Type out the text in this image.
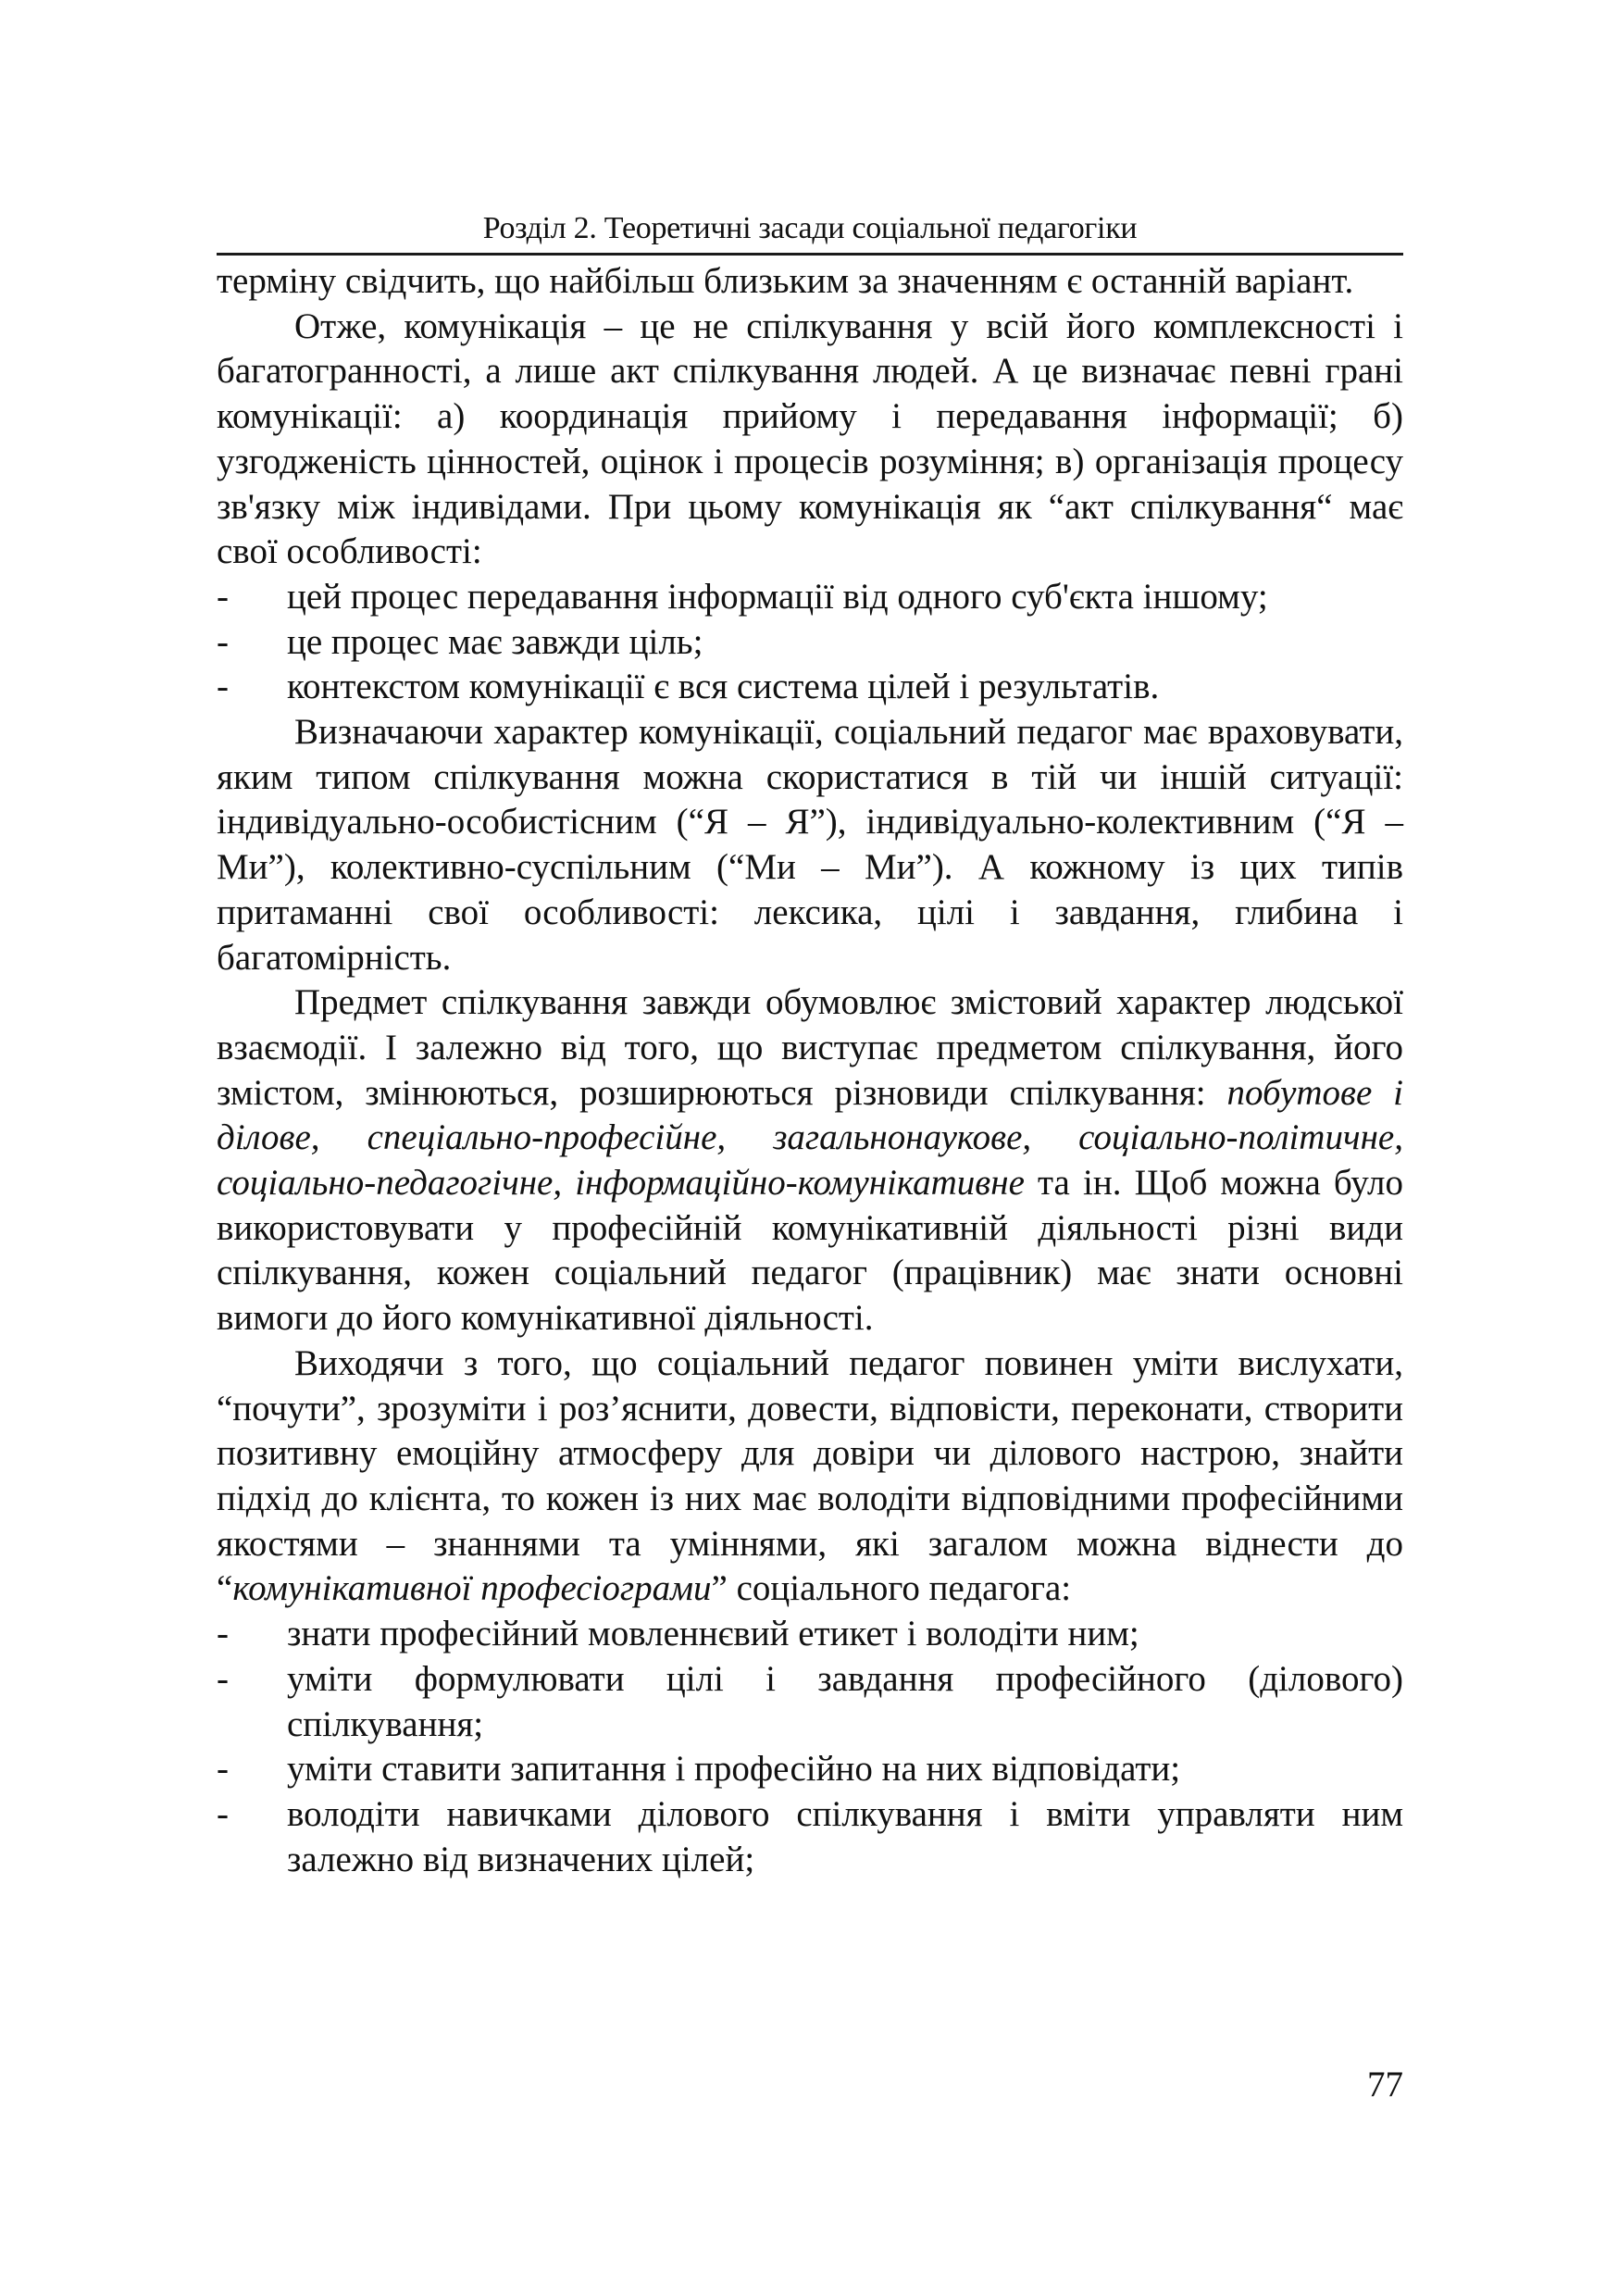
Розділ 2. Теоретичні засади соціальної педагогіки

терміну свідчить, що найбільш близьким за значенням є останній варіант.

Отже, комунікація – це не спілкування у всій його комплексності і багатогранності, а лише акт спілкування людей. А це визначає певні грані комунікації: а) координація прийому і передавання інформації; б) узгодженість цінностей, оцінок і процесів розуміння; в) організація процесу зв'язку між індивідами. При цьому комунікація як “акт спілкування“ має свої особливості:

-	цей процес передавання інформації від одного суб'єкта іншому;
-	це процес має завжди ціль;
-	контекстом комунікації є вся система цілей і результатів.

Визначаючи характер комунікації, соціальний педагог має враховувати, яким типом спілкування можна скористатися в тій чи іншій ситуації: індивідуально-особистісним (“Я – Я”), індивідуально-колективним (“Я – Ми”), колективно-суспільним (“Ми – Ми”). А кожному із цих типів притаманні свої особливості: лексика, цілі і завдання, глибина і багатомірність.

Предмет спілкування завжди обумовлює змістовий характер людської взаємодії. І залежно від того, що виступає предметом спілкування, його змістом, змінюються, розширюються різновиди спілкування: побутове і ділове, спеціально-професійне, загальнонаукове, соціально-політичне, соціально-педагогічне, інформаційно-комунікативне та ін. Щоб можна було використовувати у професійній комунікативній діяльності різні види спілкування, кожен соціальний педагог (працівник) має знати основні вимоги до його комунікативної діяльності.

Виходячи з того, що соціальний педагог повинен уміти вислухати, “почути”, зрозуміти і роз’яснити, довести, відповісти, переконати, створити позитивну емоційну атмосферу для довіри чи ділового настрою, знайти підхід до клієнта, то кожен із них має володіти відповідними професійними якостями – знаннями та уміннями, які загалом можна віднести до “комунікативної професіограми” соціального педагога:

-	знати професійний мовленнєвий етикет і володіти ним;
-	уміти формулювати цілі і завдання професійного (ділового) спілкування;
-	уміти ставити запитання і професійно на них відповідати;
-	володіти навичками ділового спілкування і вміти управляти ним залежно від визначених цілей;
77
